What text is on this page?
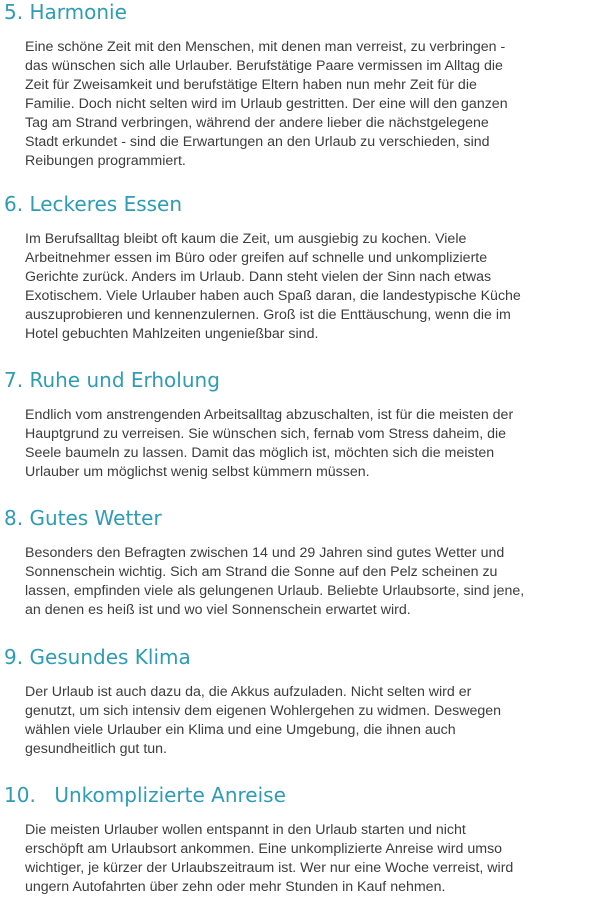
5. Harmonie

Eine schöne Zeit mit den Menschen, mit denen man verreist, zu verbringen -
das wünschen sich alle Urlauber. Berufstätige Paare vermissen im Alltag die
Zeit für Zweisamkeit und berufstätige Eltern haben nun mehr Zeit für die
Familie. Doch nicht selten wird im Urlaub gestritten. Der eine will den ganzen
Tag am Strand verbringen, während der andere lieber die nächstgelegene
Stadt erkundet - sind die Erwartungen an den Urlaub zu verschieden, sind
Reibungen programmiert.

6. Leckeres Essen

Im Berufsalltag bleibt oft kaum die Zeit, um ausgiebig zu kochen. Viele
Arbeitnehmer essen im Büro oder greifen auf schnelle und unkomplizierte
Gerichte zurück. Anders im Urlaub. Dann steht vielen der Sinn nach etwas
Exotischem. Viele Urlauber haben auch Spaß daran, die landestypische Küche
auszuprobieren und kennenzulernen. Groß ist die Enttäuschung, wenn die im
Hotel gebuchten Mahlzeiten ungenießbar sind.

7. Ruhe und Erholung

Endlich vom anstrengenden Arbeitsalltag abzuschalten, ist für die meisten der
Hauptgrund zu verreisen. Sie wünschen sich, fernab vom Stress daheim, die
Seele baumeln zu lassen. Damit das möglich ist, möchten sich die meisten
Urlauber um möglichst wenig selbst kümmern müssen.

8. Gutes Wetter

Besonders den Befragten zwischen 14 und 29 Jahren sind gutes Wetter und
Sonnenschein wichtig. Sich am Strand die Sonne auf den Pelz scheinen zu
lassen, empfinden viele als gelungenen Urlaub. Beliebte Urlaubsorte, sind jene,
an denen es heiß ist und wo viel Sonnenschein erwartet wird.

9. Gesundes Klima

Der Urlaub ist auch dazu da, die Akkus aufzuladen. Nicht selten wird er
genutzt, um sich intensiv dem eigenen Wohlergehen zu widmen. Deswegen
wählen viele Urlauber ein Klima und eine Umgebung, die ihnen auch
gesundheitlich gut tun.

10. Unkomplizierte Anreise

Die meisten Urlauber wollen entspannt in den Urlaub starten und nicht
erschöpft am Urlaubsort ankommen. Eine unkomplizierte Anreise wird umso
wichtiger, je kürzer der Urlaubszeitraum ist. Wer nur eine Woche verreist, wird
ungern Autofahrten über zehn oder mehr Stunden in Kauf nehmen.
